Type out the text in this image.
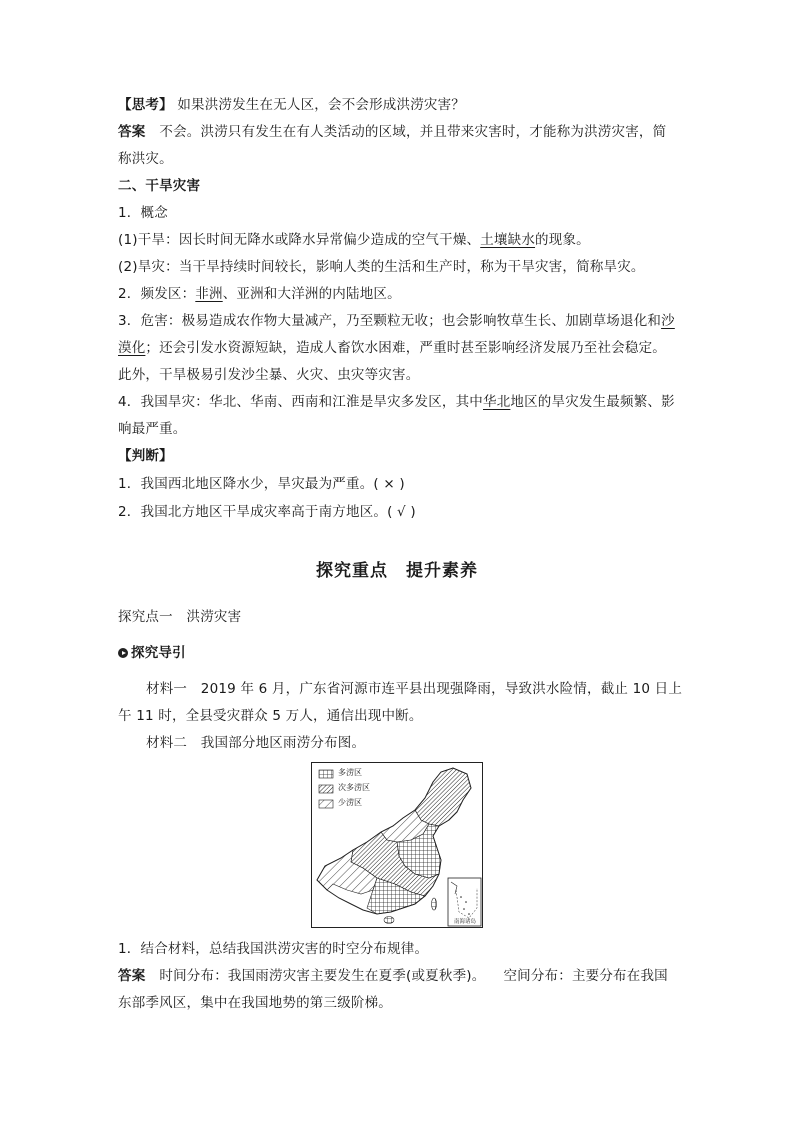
【思考】 如果洪涝发生在无人区，会不会形成洪涝灾害？
答案 不会。洪涝只有发生在有人类活动的区域，并且带来灾害时，才能称为洪涝灾害，简
称洪灾。
二、干旱灾害
1．概念
(1)干旱：因长时间无降水或降水异常偏少造成的空气干燥、土壤缺水的现象。
(2)旱灾：当干旱持续时间较长，影响人类的生活和生产时，称为干旱灾害，简称旱灾。
2．频发区：非洲、亚洲和大洋洲的内陆地区。
3．危害：极易造成农作物大量减产，乃至颗粒无收；也会影响牧草生长、加剧草场退化和沙
漠化；还会引发水资源短缺，造成人畜饮水困难，严重时甚至影响经济发展乃至社会稳定。
此外，干旱极易引发沙尘暴、火灾、虫灾等灾害。
4．我国旱灾：华北、华南、西南和江淮是旱灾多发区，其中华北地区的旱灾发生最频繁、影
响最严重。
【判断】
1．我国西北地区降水少，旱灾最为严重。( × )
2．我国北方地区干旱成灾率高于南方地区。( √ )
探究重点　提升素养
探究点一　洪涝灾害
探究导引
材料一　2019 年 6 月，广东省河源市连平县出现强降雨，导致洪水险情，截止 10 日上
午 11 时，全县受灾群众 5 万人，通信出现中断。
材料二　我国部分地区雨涝分布图。
多涝区
次多涝区
少涝区
南海诸岛
1．结合材料，总结我国洪涝灾害的时空分布规律。
答案 时间分布：我国雨涝灾害主要发生在夏季(或夏秋季)。 空间分布：主要分布在我国
东部季风区，集中在我国地势的第三级阶梯。
